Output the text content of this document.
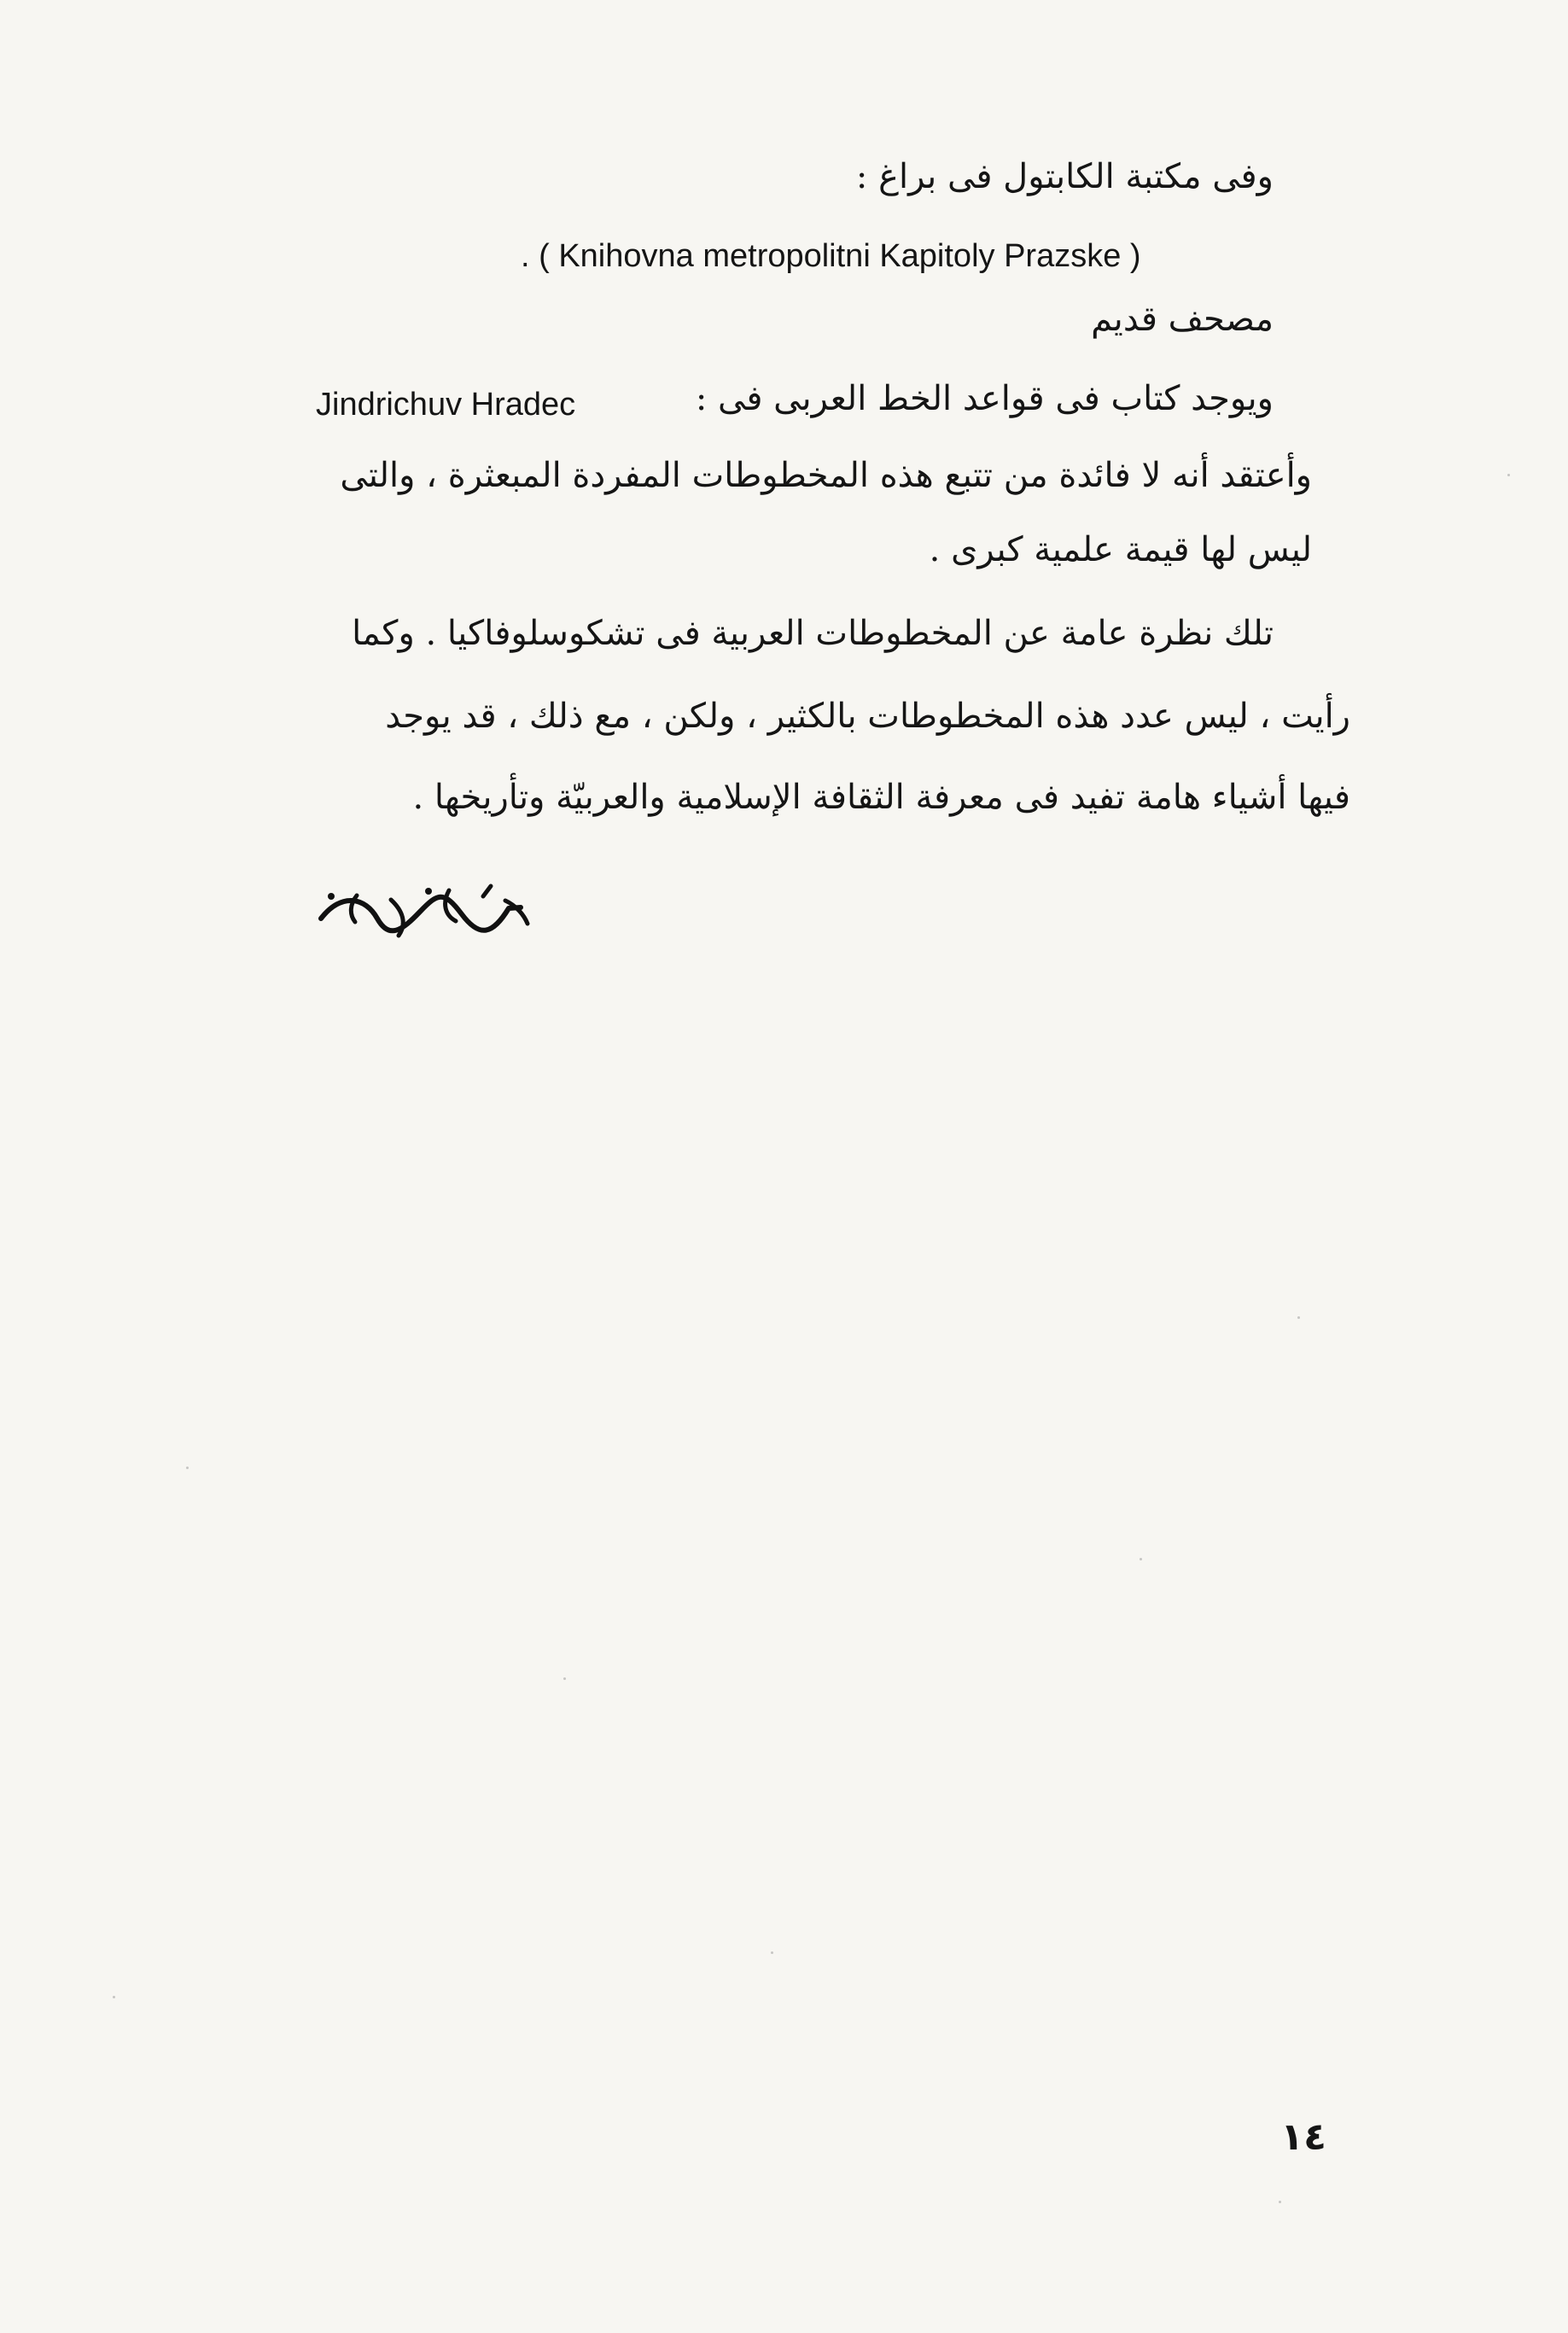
وفى مكتبة الكابتول فى براغ :
. ( Knihovna metropolitni Kapitoly Prazske )
مصحف قديم
ويوجد كتاب فى قواعد الخط العربى فى :
Jindrichuv Hradec
وأعتقد أنه لا فائدة من تتبع هذه المخطوطات المفردة المبعثرة ، والتى
ليس لها قيمة علمية كبرى .
تلك نظرة عامة عن المخطوطات العربية فى تشكوسلوفاكيا . وكما
رأيت ، ليس عدد هذه المخطوطات بالكثير ، ولكن ، مع ذلك ، قد يوجد
فيها أشياء هامة تفيد فى معرفة الثقافة الإسلامية والعربيّة وتأريخها .
١٤
